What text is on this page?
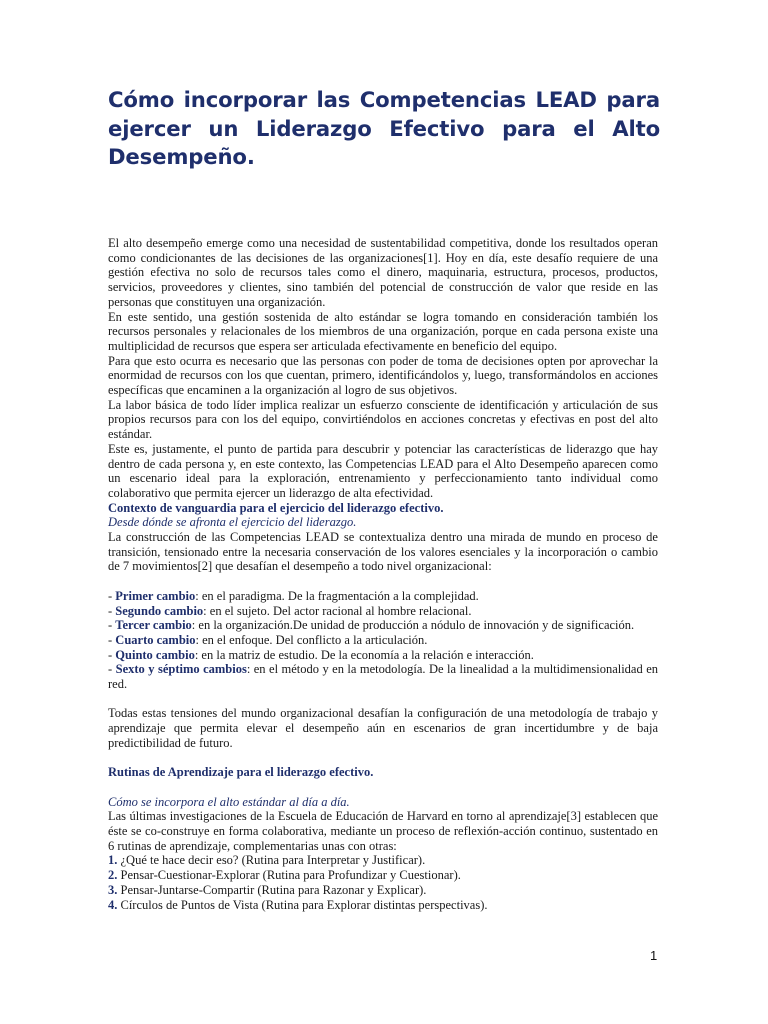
Cómo incorporar las Competencias LEAD para ejercer un Liderazgo Efectivo para el Alto Desempeño.

El alto desempeño emerge como una necesidad de sustentabilidad competitiva, donde los resultados operan como condicionantes de las decisiones de las organizaciones[1]. Hoy en día, este desafío requiere de una gestión efectiva no solo de recursos tales como el dinero, maquinaria, estructura, procesos, productos, servicios, proveedores y clientes, sino también del potencial de construcción de valor que reside en las personas que constituyen una organización.

En este sentido, una gestión sostenida de alto estándar se logra tomando en consideración también los recursos personales y relacionales de los miembros de una organización, porque en cada persona existe una multiplicidad de recursos que espera ser articulada efectivamente en beneficio del equipo.

Para que esto ocurra es necesario que las personas con poder de toma de decisiones opten por aprovechar la enormidad de recursos con los que cuentan, primero, identificándolos y, luego, transformándolos en acciones específicas que encaminen a la organización al logro de sus objetivos.

La labor básica de todo líder implica realizar un esfuerzo consciente de identificación y articulación de sus propios recursos para con los del equipo, convirtiéndolos en acciones concretas y efectivas en post del alto estándar.

Este es, justamente, el punto de partida para descubrir y potenciar las características de liderazgo que hay dentro de cada persona y, en este contexto, las Competencias LEAD para el Alto Desempeño aparecen como un escenario ideal para la exploración, entrenamiento y perfeccionamiento tanto individual como colaborativo que permita ejercer un liderazgo de alta efectividad.

Contexto de vanguardia para el ejercicio del liderazgo efectivo.

Desde dónde se afronta el ejercicio del liderazgo.

La construcción de las Competencias LEAD se contextualiza dentro una mirada de mundo en proceso de transición, tensionado entre la necesaria conservación de los valores esenciales y la incorporación o cambio de 7 movimientos[2] que desafían el desempeño a todo nivel organizacional:

- Primer cambio: en el paradigma. De la fragmentación a la complejidad.

- Segundo cambio: en el sujeto. Del actor racional al hombre relacional.

- Tercer cambio: en la organización.De unidad de producción a nódulo de innovación y de significación.

- Cuarto cambio: en el enfoque. Del conflicto a la articulación.

- Quinto cambio: en la matriz de estudio. De la economía a la relación e interacción.

- Sexto y séptimo cambios: en el método y en la metodología. De la linealidad a la multidimensionalidad en red.

Todas estas tensiones del mundo organizacional desafían la configuración de una metodología de trabajo y aprendizaje que permita elevar el desempeño aún en escenarios de gran incertidumbre y de baja predictibilidad de futuro.

Rutinas de Aprendizaje para el liderazgo efectivo.

Cómo se incorpora el alto estándar al día a día.

Las últimas investigaciones de la Escuela de Educación de Harvard en torno al aprendizaje[3] establecen que éste se co-construye en forma colaborativa, mediante un proceso de reflexión-acción continuo, sustentado en 6 rutinas de aprendizaje, complementarias unas con otras:

1. ¿Qué te hace decir eso? (Rutina para Interpretar y Justificar).

2. Pensar-Cuestionar-Explorar (Rutina para Profundizar y Cuestionar).

3. Pensar-Juntarse-Compartir (Rutina para Razonar y Explicar).

4. Círculos de Puntos de Vista (Rutina para Explorar distintas perspectivas).

1
